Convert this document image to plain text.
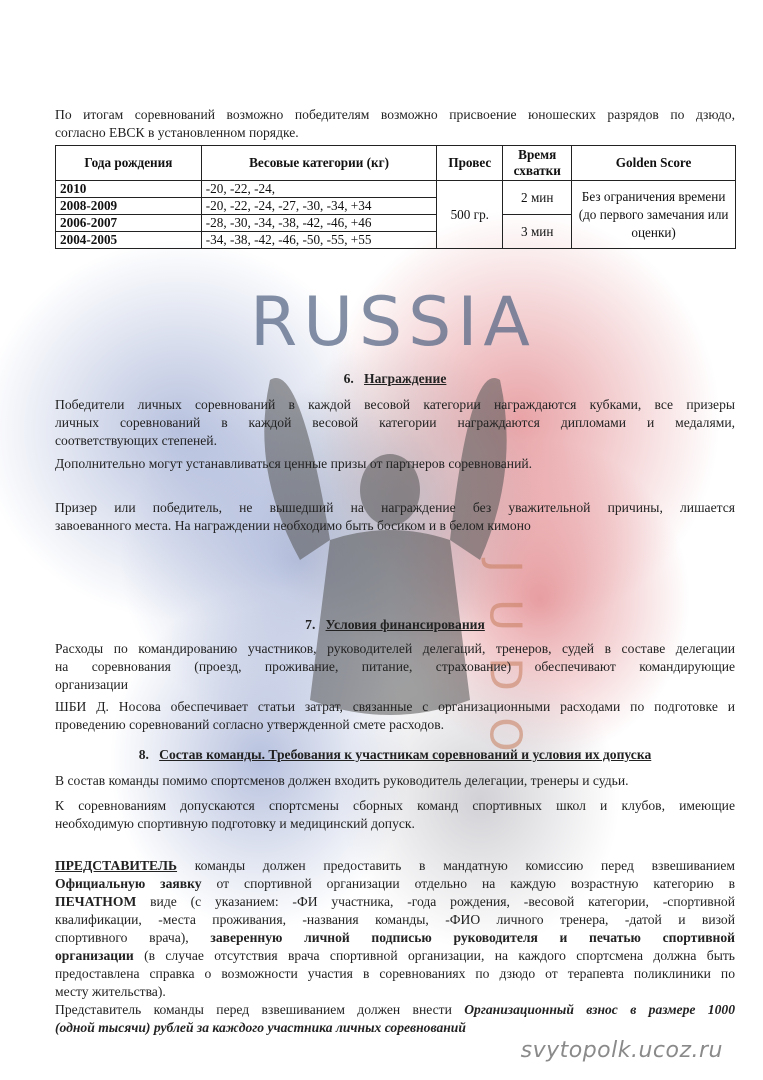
RUSSIA
JUDO
По итогам соревнований возможно победителям возможно присвоение юношеских разрядов по дзюдо,
согласно ЕВСК в установленном порядке.
Года рождения	Весовые категории (кг)	Провес	Время схватки	Golden Score
2010	-20, -22, -24,	500 гр.	2 мин	Без ограничения времени (до первого замечания или оценки)
2008-2009	-20, -22, -24, -27, -30, -34, +34			
2006-2007	-28, -30, -34, -38, -42, -46, +46		3 мин	
2004-2005	-34, -38, -42, -46, -50, -55, +55			
6. Награждение
Победители личных соревнований в каждой весовой категории награждаются кубками, все призеры
личных соревнований в каждой весовой категории награждаются дипломами и медалями,
соответствующих степеней.
Дополнительно могут устанавливаться ценные призы от партнеров соревнований.
Призер или победитель, не вышедший на награждение без уважительной причины, лишается
завоеванного места. На награждении необходимо быть босиком и в белом кимоно
7. Условия финансирования
Расходы по командированию участников, руководителей делегаций, тренеров, судей в составе делегации
на соревнования (проезд, проживание, питание, страхование) обеспечивают командирующие
организации
ШБИ Д. Носова обеспечивает статьи затрат, связанные с организационными расходами по подготовке и
проведению соревнований согласно утвержденной смете расходов.
8. Состав команды. Требования к участникам соревнований и условия их допуска
В состав команды помимо спортсменов должен входить руководитель делегации, тренеры и судьи.
К соревнованиям допускаются спортсмены сборных команд спортивных школ и клубов, имеющие
необходимую спортивную подготовку и медицинский допуск.
ПРЕДСТАВИТЕЛЬ команды должен предоставить в мандатную комиссию перед взвешиванием
Официальную заявку от спортивной организации отдельно на каждую возрастную категорию в
ПЕЧАТНОМ виде (с указанием: -ФИ участника, -года рождения, -весовой категории, -спортивной
квалификации, -места проживания, -названия команды, -ФИО личного тренера, -датой и визой
спортивного врача), заверенную личной подписью руководителя и печатью спортивной
организации (в случае отсутствия врача спортивной организации, на каждого спортсмена должна быть
предоставлена справка о возможности участия в соревнованиях по дзюдо от терапевта поликлиники по
месту жительства).
Представитель команды перед взвешиванием должен внести Организационный взнос в размере 1000
(одной тысячи) рублей за каждого участника личных соревнований
svytopolk.ucoz.ru
